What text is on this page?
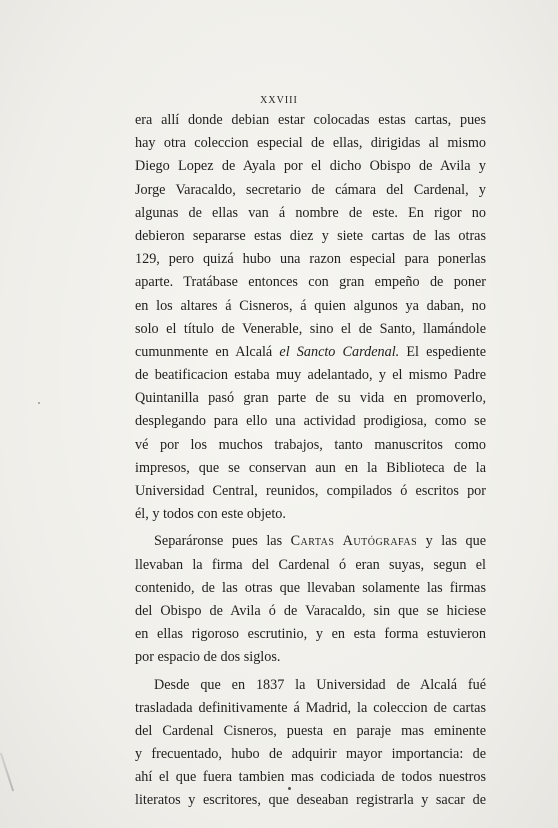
XXVIII
era allí donde debian estar colocadas estas cartas, pues
hay otra coleccion especial de ellas, dirigidas al mismo
Diego Lopez de Ayala por el dicho Obispo de Avila y
Jorge Varacaldo, secretario de cámara del Cardenal, y
algunas de ellas van á nombre de este. En rigor no
debieron separarse estas diez y siete cartas de las otras
129, pero quizá hubo una razon especial para ponerlas
aparte. Tratábase entonces con gran empeño de poner
en los altares á Cisneros, á quien algunos ya daban, no
solo el título de Venerable, sino el de Santo, llamándole
cumunmente en Alcalá el Sancto Cardenal. El espediente
de beatificacion estaba muy adelantado, y el mismo Padre
Quintanilla pasó gran parte de su vida en promoverlo,
desplegando para ello una actividad prodigiosa, como se
vé por los muchos trabajos, tanto manuscritos como
impresos, que se conservan aun en la Biblioteca de la
Universidad Central, reunidos, compilados ó escritos por
él, y todos con este objeto.
Separáronse pues las Cartas Autógrafas y las que
llevaban la firma del Cardenal ó eran suyas, segun el
contenido, de las otras que llevaban solamente las firmas
del Obispo de Avila ó de Varacaldo, sin que se hiciese
en ellas rigoroso escrutinio, y en esta forma estuvieron
por espacio de dos siglos.
Desde que en 1837 la Universidad de Alcalá fué
trasladada definitivamente á Madrid, la coleccion de cartas
del Cardenal Cisneros, puesta en paraje mas eminente
y frecuentado, hubo de adquirir mayor importancia: de
ahí el que fuera tambien mas codiciada de todos nuestros
literatos y escritores, que deseaban registrarla y sacar de
